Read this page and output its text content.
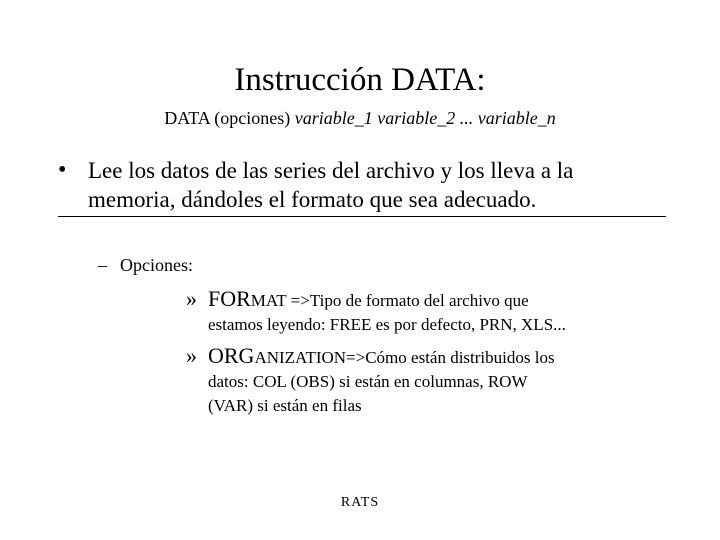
Instrucción DATA:
DATA (opciones) variable_1 variable_2 ... variable_n
• Lee los datos de las series del archivo y los lleva a la
memoria, dándoles el formato que sea adecuado.
– Opciones:
» FORMAT =>Tipo de formato del archivo que
estamos leyendo: FREE es por defecto, PRN, XLS...
» ORGANIZATION=>Cómo están distribuidos los
datos: COL (OBS) si están en columnas, ROW
(VAR) si están en filas
RATS
